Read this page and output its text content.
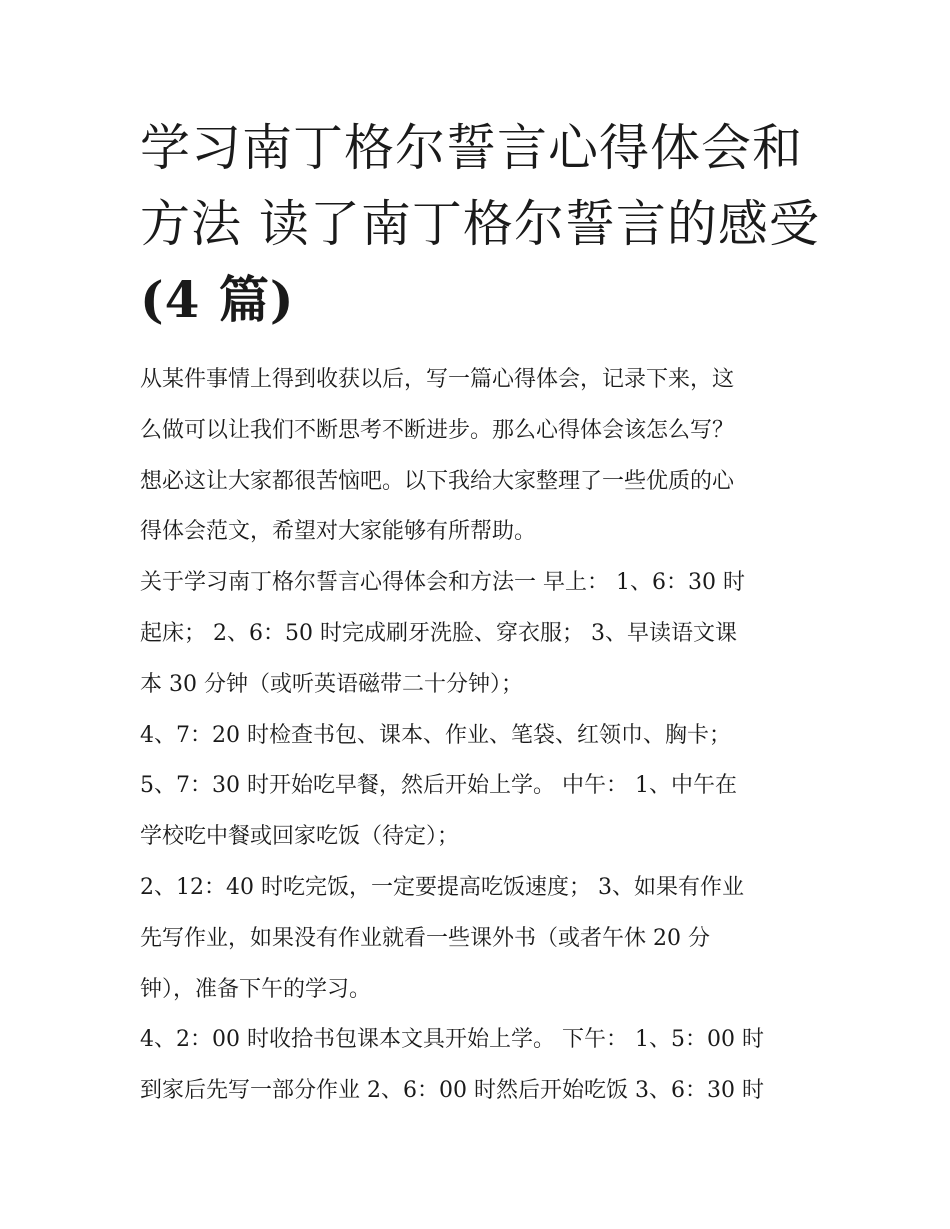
学习南丁格尔誓言心得体会和
方法 读了南丁格尔誓言的感受
(4 篇)
从某件事情上得到收获以后，写一篇心得体会，记录下来，这
么做可以让我们不断思考不断进步。那么心得体会该怎么写？
想必这让大家都很苦恼吧。以下我给大家整理了一些优质的心
得体会范文，希望对大家能够有所帮助。
关于学习南丁格尔誓言心得体会和方法一 早上： 1、6：30 时
起床； 2、6：50 时完成刷牙洗脸、穿衣服； 3、早读语文课
本 30 分钟（或听英语磁带二十分钟）；
4、7：20 时检查书包、课本、作业、笔袋、红领巾、胸卡；
5、7：30 时开始吃早餐，然后开始上学。 中午： 1、中午在
学校吃中餐或回家吃饭（待定）；
2、12：40 时吃完饭，一定要提高吃饭速度； 3、如果有作业
先写作业，如果没有作业就看一些课外书（或者午休 20 分
钟），准备下午的学习。
4、2：00 时收拾书包课本文具开始上学。 下午： 1、5：00 时
到家后先写一部分作业 2、6：00 时然后开始吃饭 3、6：30 时
